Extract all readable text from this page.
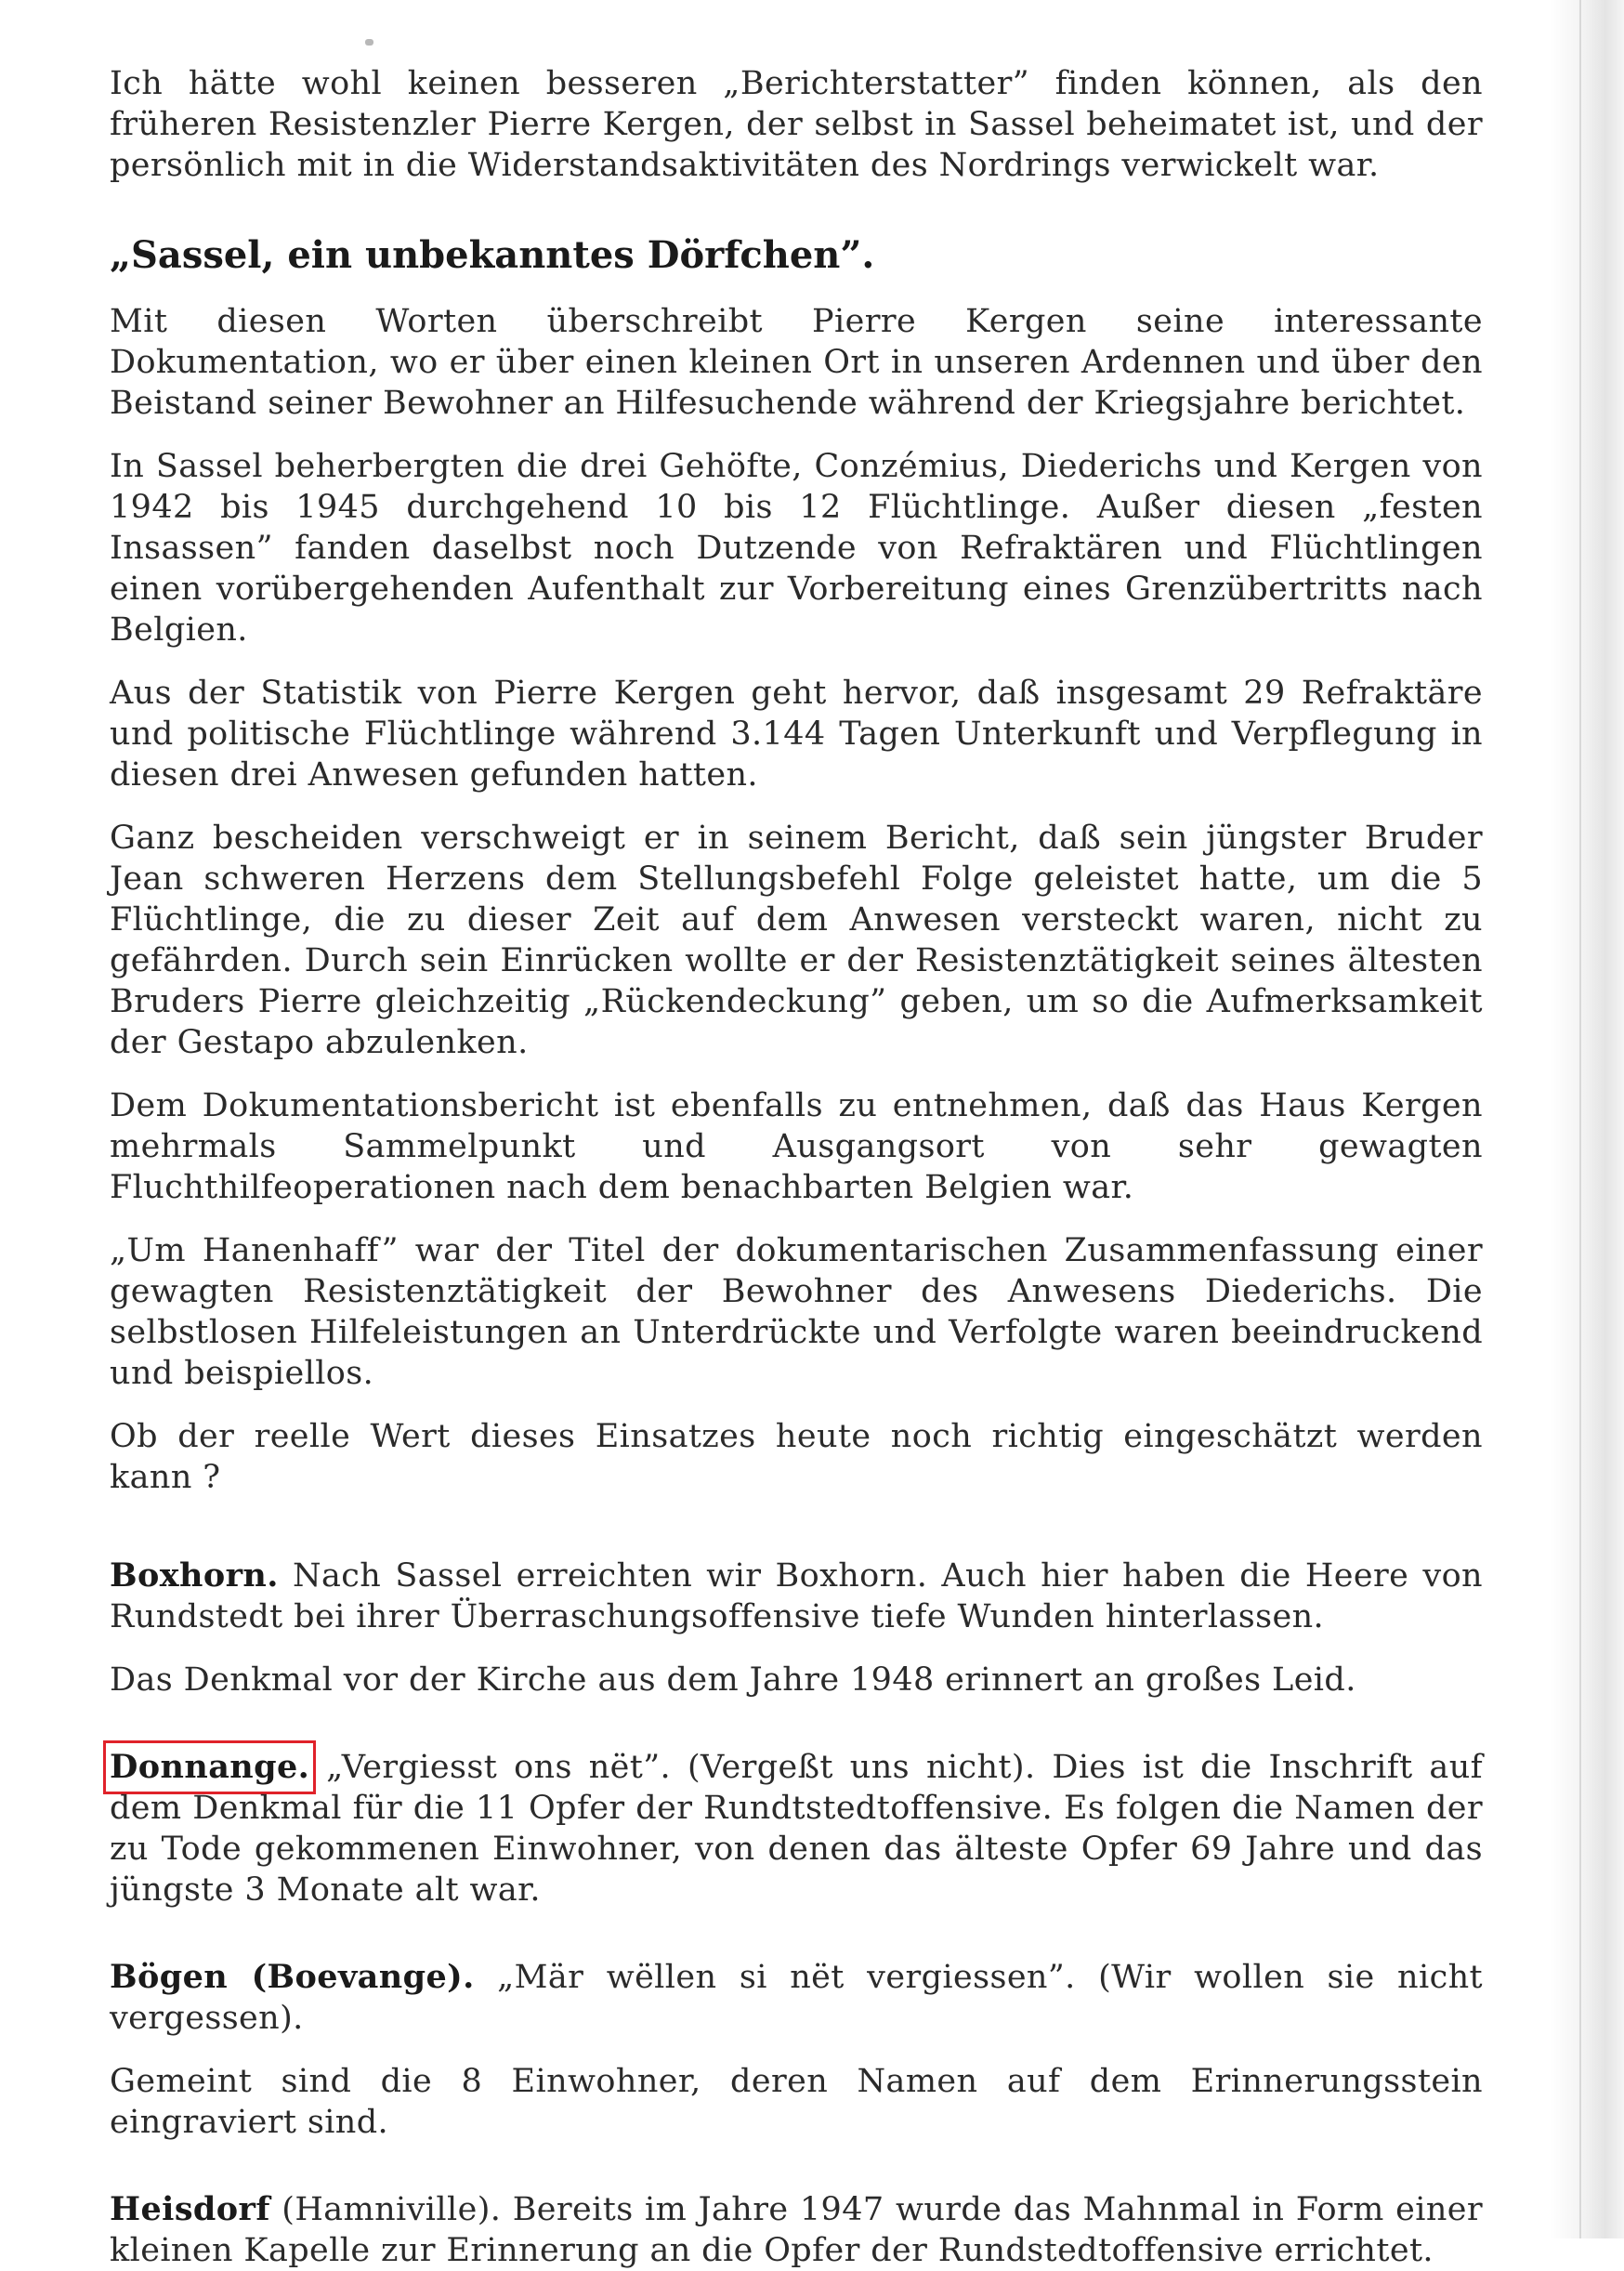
Ich hätte wohl keinen besseren „Berichterstatter” finden können, als den früheren Resistenzler Pierre Kergen, der selbst in Sassel beheimatet ist, und der persönlich mit in die Widerstandsaktivitäten des Nordrings verwickelt war.

„Sassel, ein unbekanntes Dörfchen”.

Mit diesen Worten überschreibt Pierre Kergen seine interessante Dokumentation, wo er über einen kleinen Ort in unseren Ardennen und über den Beistand seiner Bewohner an Hilfesuchende während der Kriegsjahre berichtet.

In Sassel beherbergten die drei Gehöfte, Conzémius, Diederichs und Kergen von 1942 bis 1945 durchgehend 10 bis 12 Flüchtlinge. Außer diesen „festen Insassen” fanden daselbst noch Dutzende von Refraktären und Flüchtlingen einen vorübergehenden Aufenthalt zur Vorbereitung eines Grenzübertritts nach Belgien.

Aus der Statistik von Pierre Kergen geht hervor, daß insgesamt 29 Refraktäre und politische Flüchtlinge während 3.144 Tagen Unterkunft und Verpflegung in diesen drei Anwesen gefunden hatten.

Ganz bescheiden verschweigt er in seinem Bericht, daß sein jüngster Bruder Jean schweren Herzens dem Stellungsbefehl Folge geleistet hatte, um die 5 Flüchtlinge, die zu dieser Zeit auf dem Anwesen versteckt waren, nicht zu gefährden. Durch sein Einrücken wollte er der Resistenztätigkeit seines ältesten Bruders Pierre gleichzeitig „Rückendeckung” geben, um so die Aufmerksamkeit der Gestapo abzulenken.

Dem Dokumentationsbericht ist ebenfalls zu entnehmen, daß das Haus Kergen mehrmals Sammelpunkt und Ausgangsort von sehr gewagten Fluchthilfeoperationen nach dem benachbarten Belgien war.

„Um Hanenhaff” war der Titel der dokumentarischen Zusammenfassung einer gewagten Resistenztätigkeit der Bewohner des Anwesens Diederichs. Die selbstlosen Hilfeleistungen an Unterdrückte und Verfolgte waren beeindruckend und beispiellos.

Ob der reelle Wert dieses Einsatzes heute noch richtig eingeschätzt werden kann ?

Boxhorn. Nach Sassel erreichten wir Boxhorn. Auch hier haben die Heere von Rundstedt bei ihrer Überraschungsoffensive tiefe Wunden hinterlassen.

Das Denkmal vor der Kirche aus dem Jahre 1948 erinnert an großes Leid.

Donnange. „Vergiesst ons nët”. (Vergeßt uns nicht). Dies ist die Inschrift auf dem Denkmal für die 11 Opfer der Rundtstedtoffensive. Es folgen die Namen der zu Tode gekommenen Einwohner, von denen das älteste Opfer 69 Jahre und das jüngste 3 Monate alt war.

Bögen (Boevange). „Mär wëllen si nët vergiessen”. (Wir wollen sie nicht vergessen).

Gemeint sind die 8 Einwohner, deren Namen auf dem Erinnerungsstein eingraviert sind.

Heisdorf (Hamniville). Bereits im Jahre 1947 wurde das Mahnmal in Form einer kleinen Kapelle zur Erinnerung an die Opfer der Rundstedtoffensive errichtet.
